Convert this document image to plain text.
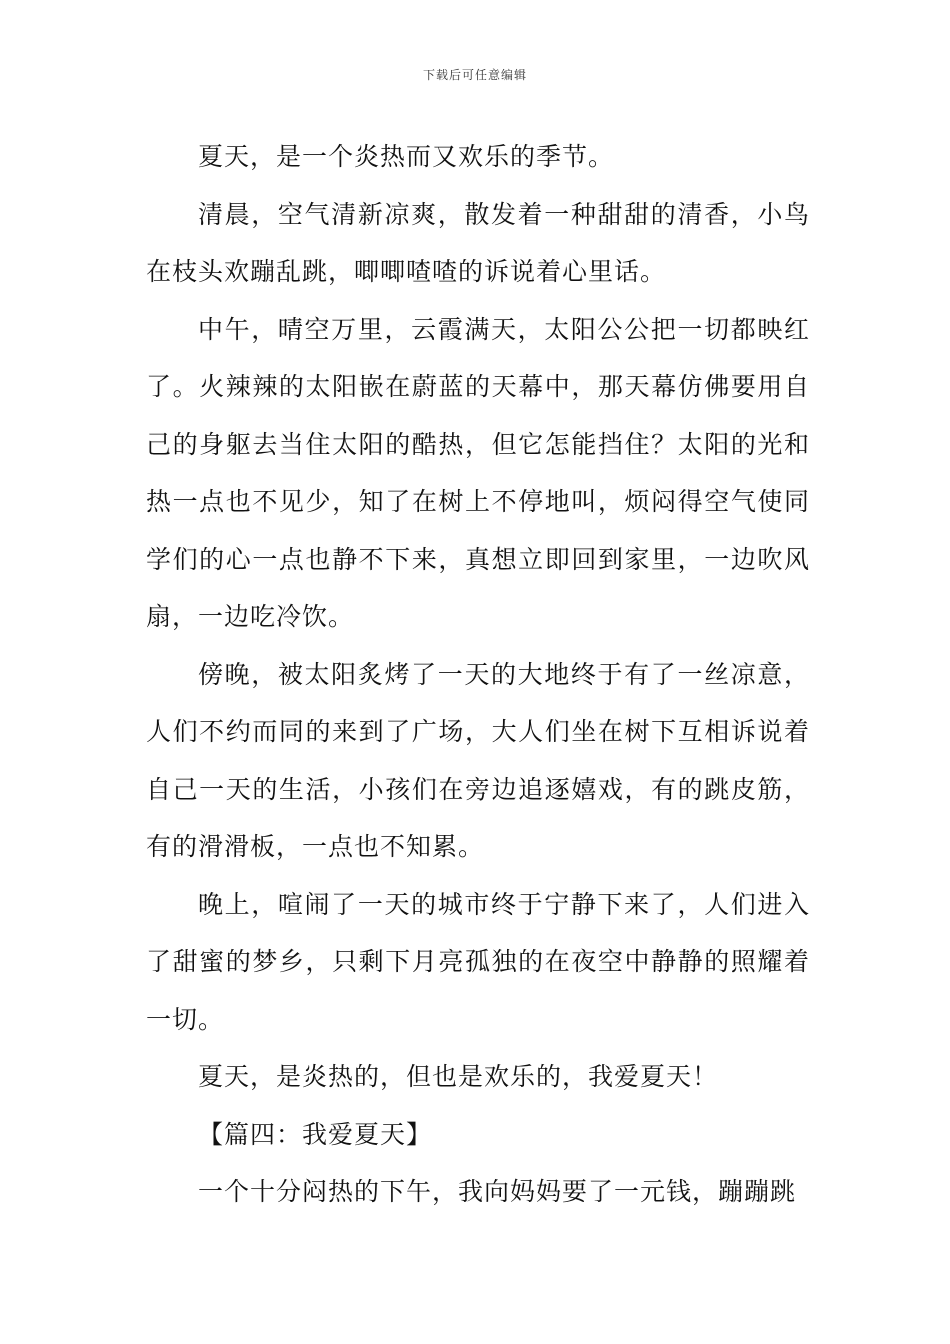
下载后可任意编辑

夏天，是一个炎热而又欢乐的季节。

清晨，空气清新凉爽，散发着一种甜甜的清香，小鸟在枝头欢蹦乱跳，唧唧喳喳的诉说着心里话。

中午，晴空万里，云霞满天，太阳公公把一切都映红了。火辣辣的太阳嵌在蔚蓝的天幕中，那天幕仿佛要用自己的身躯去当住太阳的酷热，但它怎能挡住？太阳的光和热一点也不见少，知了在树上不停地叫，烦闷得空气使同学们的心一点也静不下来，真想立即回到家里，一边吹风扇，一边吃冷饮。

傍晚，被太阳炙烤了一天的大地终于有了一丝凉意，人们不约而同的来到了广场，大人们坐在树下互相诉说着自己一天的生活，小孩们在旁边追逐嬉戏，有的跳皮筋，有的滑滑板，一点也不知累。

晚上，喧闹了一天的城市终于宁静下来了，人们进入了甜蜜的梦乡，只剩下月亮孤独的在夜空中静静的照耀着一切。

夏天，是炎热的，但也是欢乐的，我爱夏天！

【篇四：我爱夏天】

一个十分闷热的下午，我向妈妈要了一元钱，蹦蹦跳
